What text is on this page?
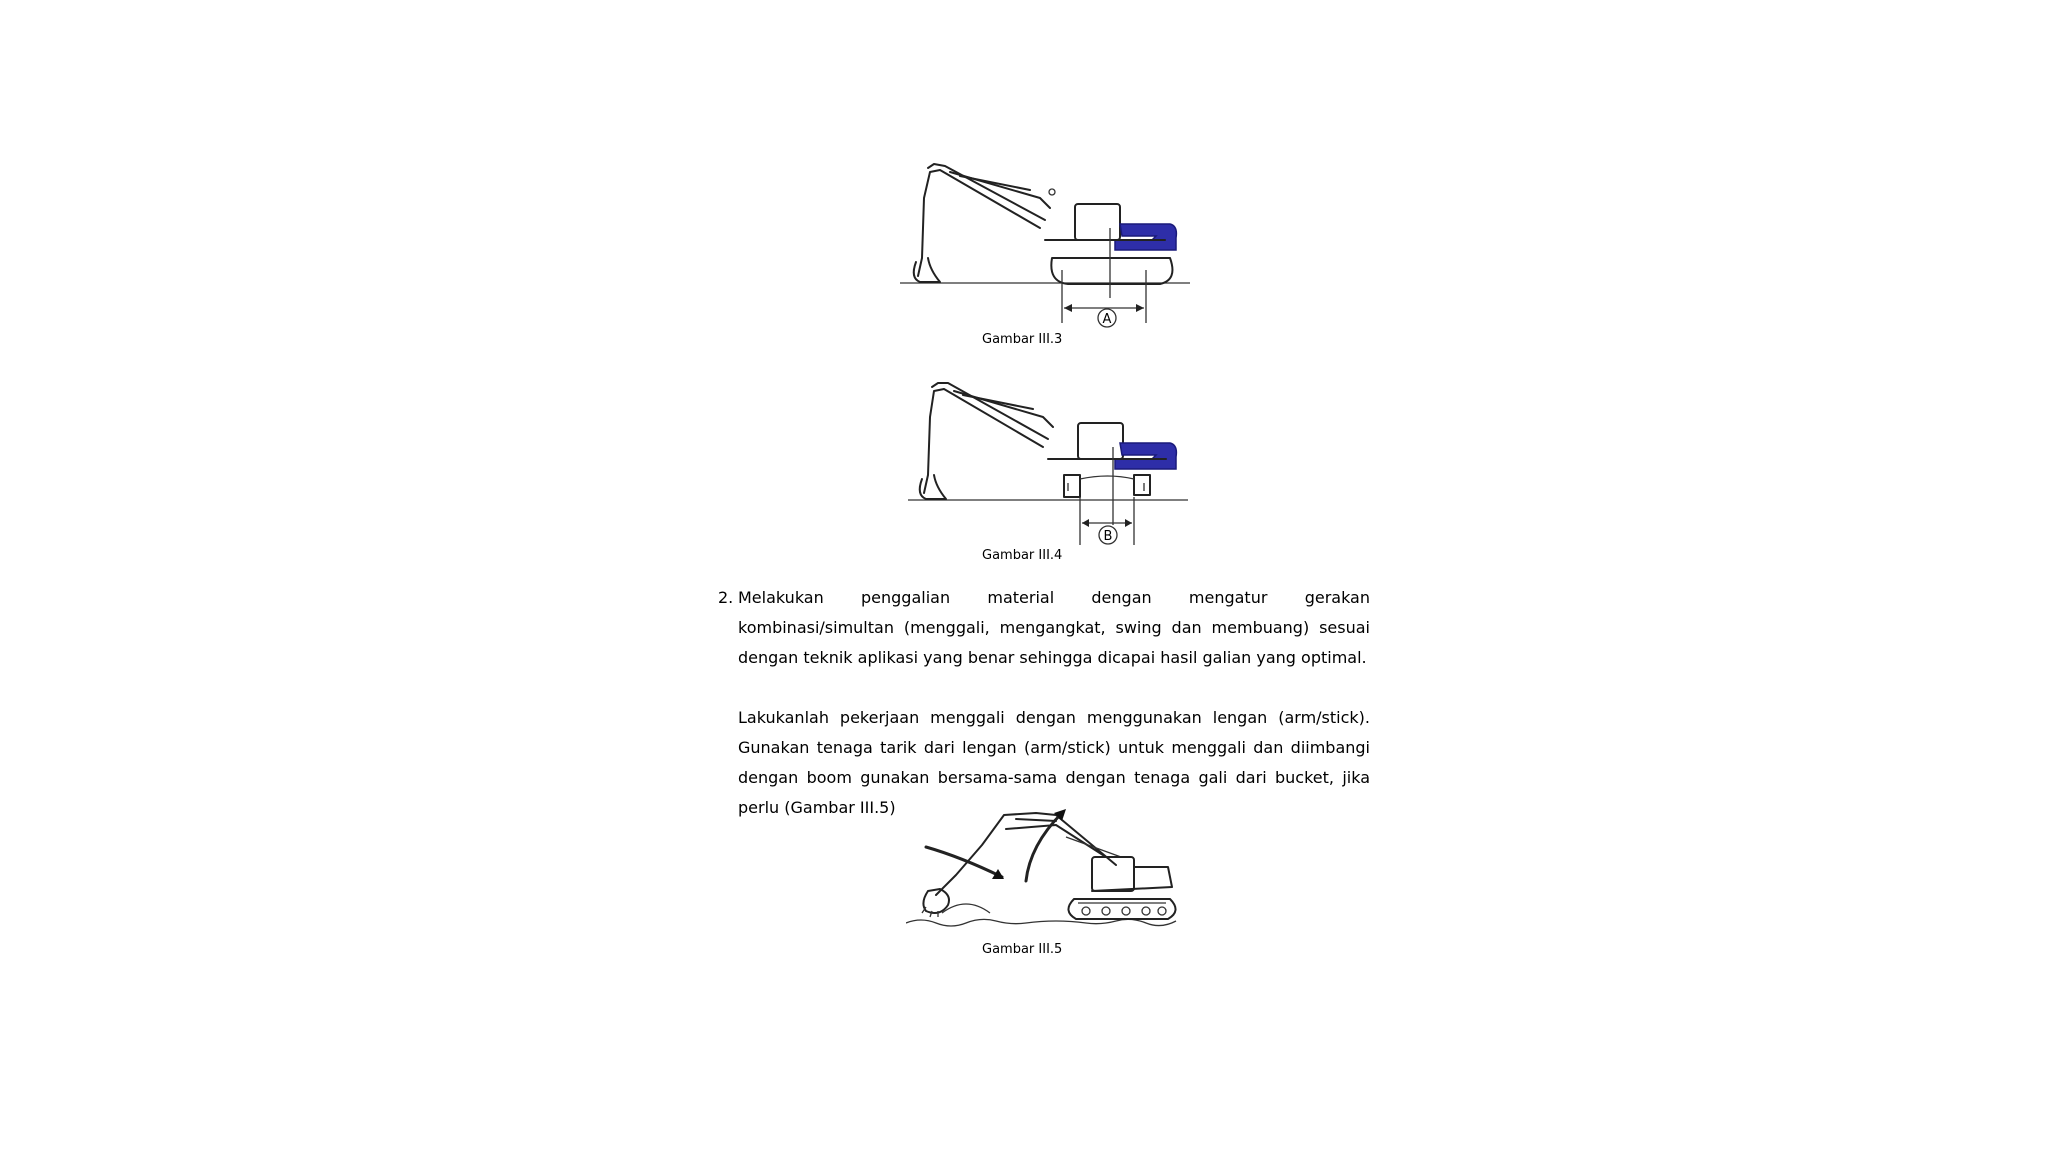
A
Gambar III.3
B
Gambar III.4
2. Melakukan penggalian material dengan mengatur gerakan kombinasi/simultan (menggali, mengangkat, swing dan membuang) sesuai dengan teknik aplikasi yang benar sehingga dicapai hasil galian yang optimal.
Lakukanlah pekerjaan menggali dengan menggunakan lengan (arm/stick). Gunakan tenaga tarik dari lengan (arm/stick) untuk menggali dan diimbangi dengan boom gunakan bersama-sama dengan tenaga gali dari bucket, jika perlu (Gambar III.5)
Gambar III.5
